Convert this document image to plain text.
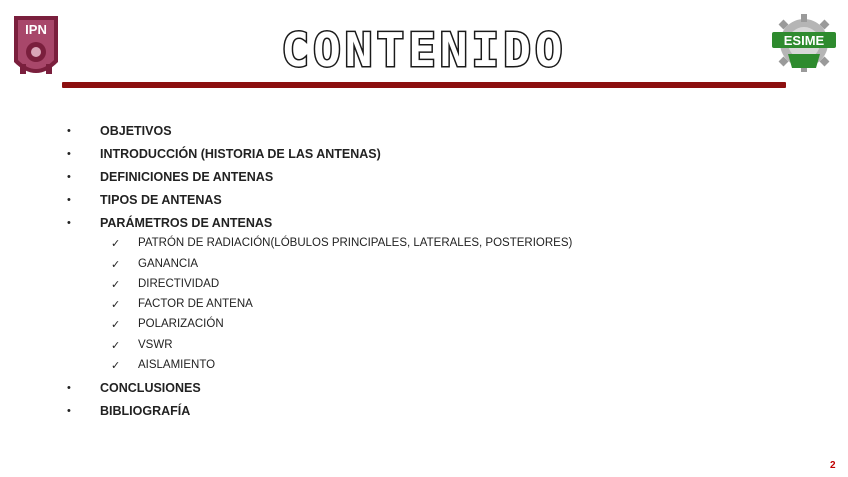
IPN	CONTENIDO	ESIME
• OBJETIVOS
• INTRODUCCIÓN (HISTORIA DE LAS ANTENAS)
• DEFINICIONES DE ANTENAS
• TIPOS DE ANTENAS
• PARÁMETROS DE ANTENAS
✓ PATRÓN DE RADIACIÓN(LÓBULOS PRINCIPALES, LATERALES, POSTERIORES)
✓ GANANCIA
✓ DIRECTIVIDAD
✓ FACTOR DE ANTENA
✓ POLARIZACIÓN
✓ VSWR
✓ AISLAMIENTO
• CONCLUSIONES
• BIBLIOGRAFÍA
2
